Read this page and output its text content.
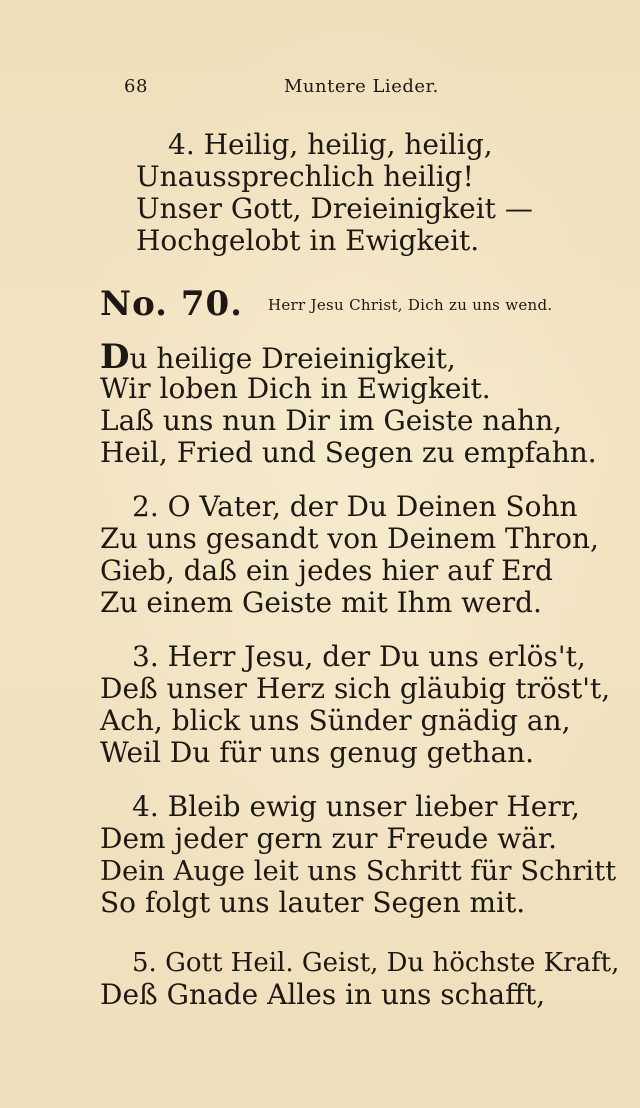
68	Muntere Lieder.
4. Heilig, heilig, heilig,
Unaussprechlich heilig!
Unser Gott, Dreieinigkeit —
Hochgelobt in Ewigkeit.
No. 70. Herr Jesu Christ, Dich zu uns wend.
Du heilige Dreieinigkeit,
Wir loben Dich in Ewigkeit.
Laß uns nun Dir im Geiste nahn,
Heil, Fried und Segen zu empfahn.
2. O Vater, der Du Deinen Sohn
Zu uns gesandt von Deinem Thron,
Gieb, daß ein jedes hier auf Erd
Zu einem Geiste mit Ihm werd.
3. Herr Jesu, der Du uns erlös't,
Deß unser Herz sich gläubig tröst't,
Ach, blick uns Sünder gnädig an,
Weil Du für uns genug gethan.
4. Bleib ewig unser lieber Herr,
Dem jeder gern zur Freude wär.
Dein Auge leit uns Schritt für Schritt
So folgt uns lauter Segen mit.
5. Gott Heil. Geist, Du höchste Kraft,
Deß Gnade Alles in uns schafft,
